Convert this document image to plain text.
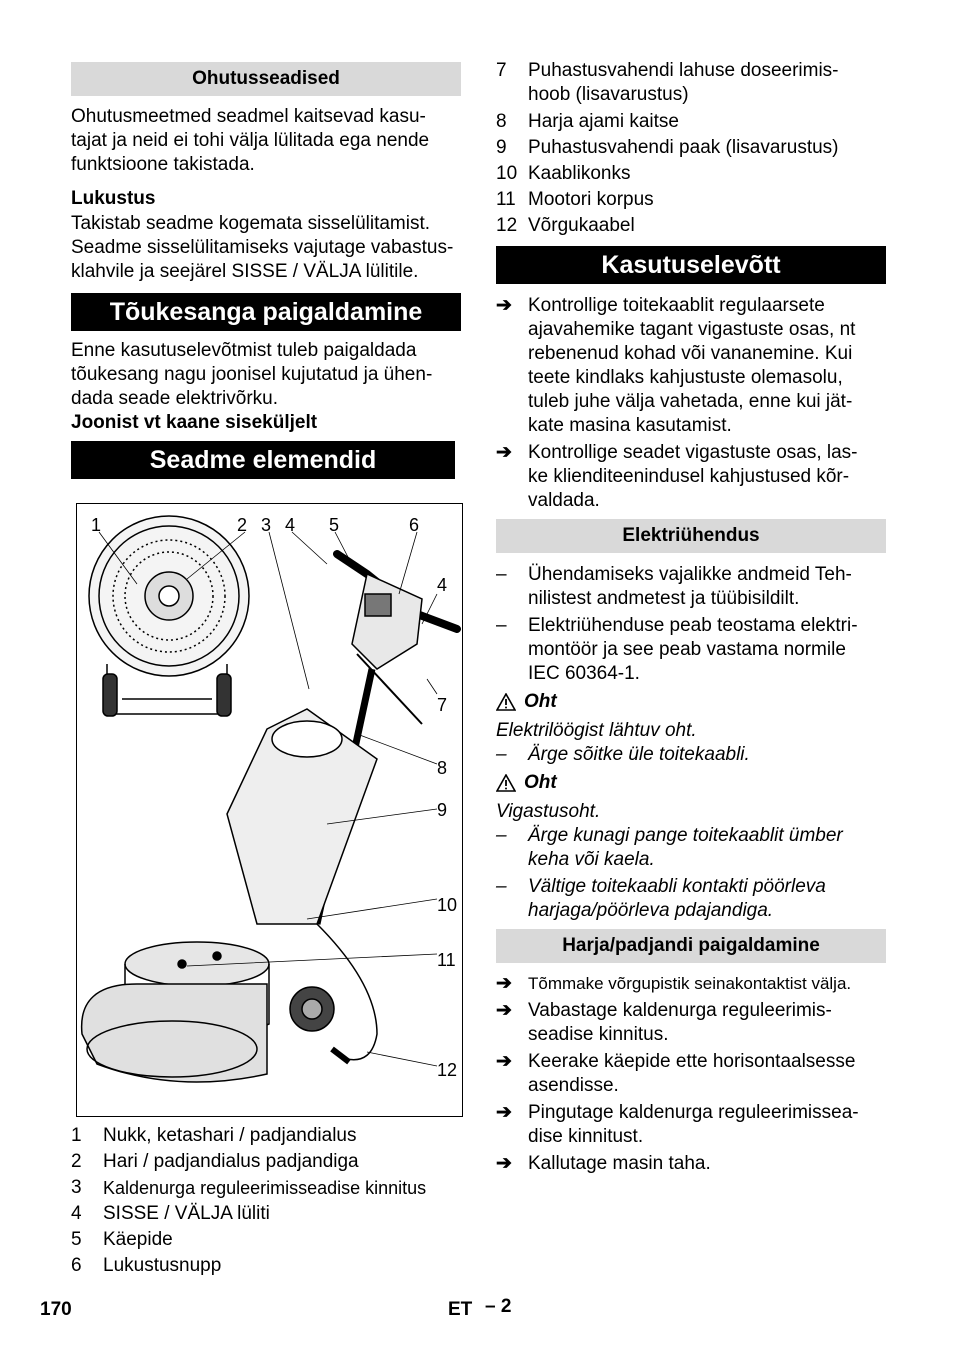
Ohutusseadised

Ohutusmeetmed seadmel kaitsevad kasu-
tajat ja neid ei tohi välja lülitada ega nende
funktsioone takistada.

Lukustus

Takistab seadme kogemata sisselülitamist.
Seadme sisselülitamiseks vajutage vabastus-
klahvile ja seejärel SISSE / VÄLJA lülitile.

Tõukesanga paigaldamine

Enne kasutuselevõtmist tuleb paigaldada
tõukesang nagu joonisel kujutatud ja ühen-
dada seade elektrivõrku.

Joonist vt kaane siseküljelt

Seadme elemendid
1	2 3 4 5	6
4
7
8
9
10
11
12
1	Nukk, ketashari / padjandialus
2	Hari / padjandialus padjandiga
3	Kaldenurga reguleerimisseadise kinnitus
4	SISSE / VÄLJA lüliti
5	Käepide
6	Lukustusnupp
7	Puhastusvahendi lahuse doseerimis-
hoob (lisavarustus)
8	Harja ajami kaitse
9	Puhastusvahendi paak (lisavarustus)
10 Kaablikonks
11 Mootori korpus
12 Võrgukaabel
Kasutuselevõtt
➔ Kontrollige toitekaablit regulaarsete
ajavahemike tagant vigastuste osas, nt
rebenenud kohad või vananemine. Kui
teete kindlaks kahjustuste olemasolu,
tuleb juhe välja vahetada, enne kui jät-
kate masina kasutamist.
➔ Kontrollige seadet vigastuste osas, las-
ke klienditeenindusel kahjustused kõr-
valdada.
Elektriühendus
–	Ühendamiseks vajalikke andmeid Teh-
nilistest andmetest ja tüübisildilt.
–	Elektriühenduse peab teostama elektri-
montöör ja see peab vastama normile
IEC 60364-1.
Oht

Elektrilöögist lähtuv oht.

–	Ärge sõitke üle toitekaabli.
Oht

Vigastusoht.

–	Ärge kunagi pange toitekaablit ümber
keha või kaela.
–	Vältige toitekaabli kontakti pöörleva
harjaga/pöörleva pdajandiga.
Harja/padjandi paigaldamine
➔ Tõmmake võrgupistik seinakontaktist välja.
➔ Vabastage kaldenurga reguleerimis-
seadise kinnitus.
➔ Keerake käepide ette horisontaalsesse
asendisse.
➔ Pingutage kaldenurga reguleerimissea-
dise kinnitust.
➔ Kallutage masin taha.
170	ET – 2
